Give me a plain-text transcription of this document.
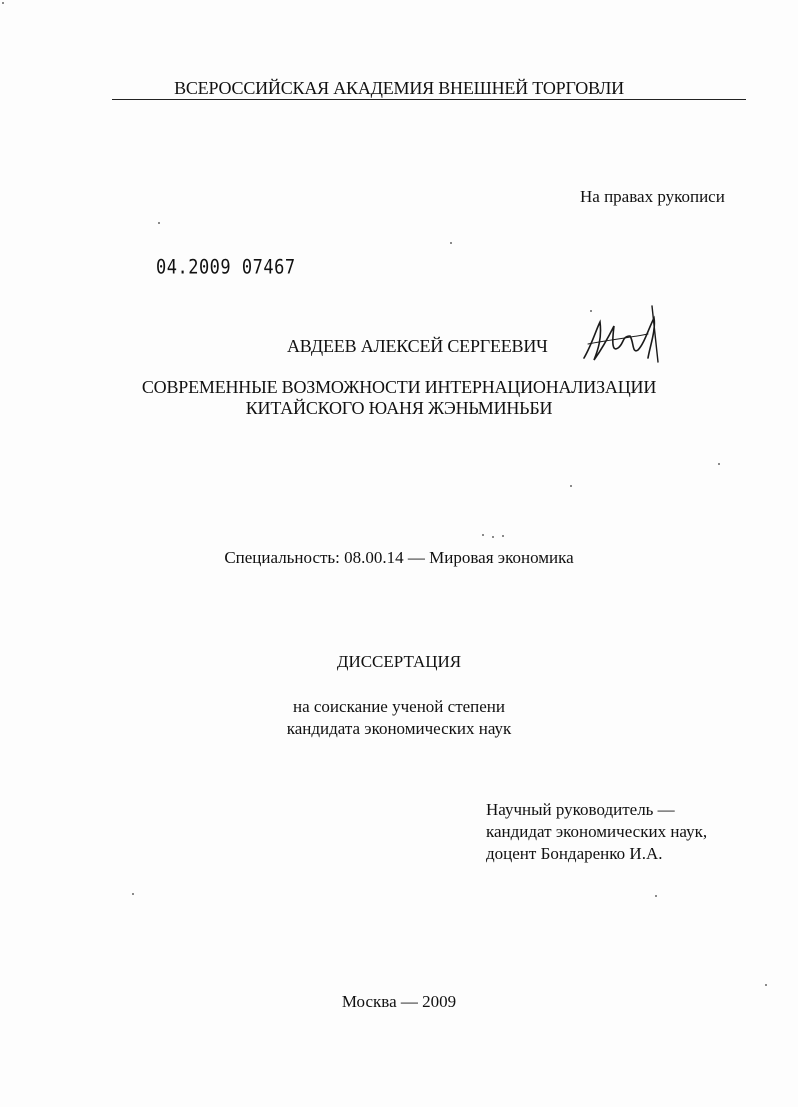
ВСЕРОССИЙСКАЯ АКАДЕМИЯ ВНЕШНЕЙ ТОРГОВЛИ
На правах рукописи
04.2009 07467
АВДЕЕВ АЛЕКСЕЙ СЕРГЕЕВИЧ
СОВРЕМЕННЫЕ ВОЗМОЖНОСТИ ИНТЕРНАЦИОНАЛИЗАЦИИ
КИТАЙСКОГО ЮАНЯ ЖЭНЬМИНЬБИ
Специальность: 08.00.14 — Мировая экономика
ДИССЕРТАЦИЯ
на соискание ученой степени
кандидата экономических наук
Научный руководитель —
кандидат экономических наук,
доцент Бондаренко И.А.
Москва — 2009
